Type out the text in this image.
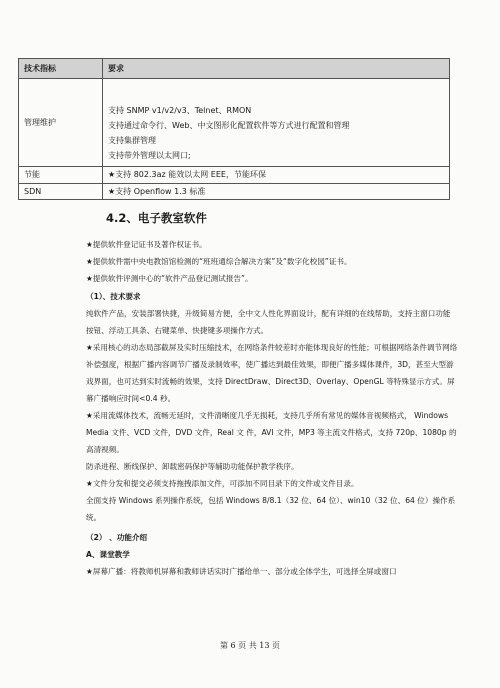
技术指标	要求
管理维护	支持 SNMP v1/v2/v3、Telnet、RMON
支持通过命令行、Web、中文图形化配置软件等方式进行配置和管理
支持集群管理
支持带外管理以太网口;

节能	★支持 802.3az 能效以太网 EEE，节能环保
SDN	★支持 Openflow 1.3 标准
4.2、电子教室软件

★提供软件登记证书及著作权证书。

★提供软件需中央电教馆馆检测的“班班通综合解决方案”及“数字化校园”证书。

★提供软件评测中心的“软件产品登记测试报告”。

（1）、技术要求

纯软件产品，安装部署快捷，升级简易方便，全中文人性化界面设计，配有详细的在线帮助，支持主窗口功能按钮、浮动工具条、右键菜单、快捷键多项操作方式。

★采用核心的动态局部截屏及实时压缩技术，在网络条件较差时亦能体现良好的性能；可根据网络条件调节网络补偿强度，根据广播内容调节广播及录制效率，使广播达到最佳效果，即便广播多媒体课件，3D，甚至大型游戏界面，也可达到实时流畅的效果，支持 DirectDraw、Direct3D、Overlay、OpenGL 等特殊显示方式。屏幕广播响应时间<0.4 秒。

★采用流媒体技术，流畅无延时，文件清晰度几乎无损耗，支持几乎所有常见的媒体音视频格式， Windows Media 文件、VCD 文件，DVD 文件，Real 文 件，AVI 文件，MP3 等主流文件格式，支持 720p、1080p 的高清视频。

防杀进程、断线保护、卸载密码保护等辅助功能保护教学秩序。

★文件分发和提交必须支持拖拽添加文件，可添加不同目录下的文件或文件目录。

全面支持 Windows 系列操作系统，包括 Windows 8/8.1（32 位、64 位）、win10（32 位、64 位）操作系统。

（2） 、功能介绍

A、课堂教学

★屏幕广播：将教师机屏幕和教师讲话实时广播给单一、部分或全体学生，可选择全屏或窗口

第 6 页 共 13 页
